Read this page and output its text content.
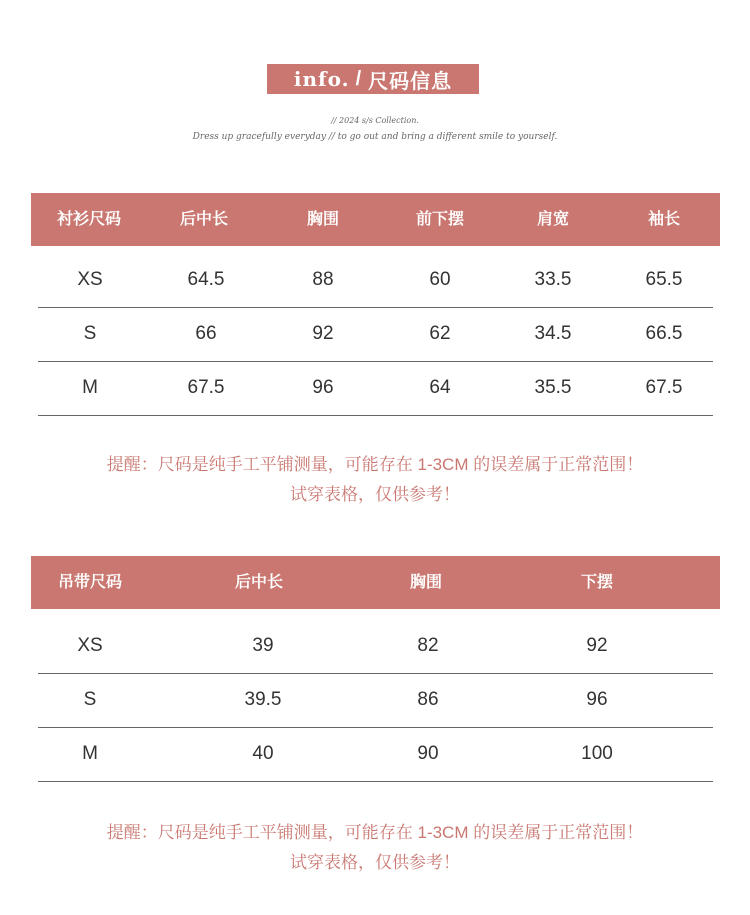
info. / 尺码信息
// 2024 s/s Collection.
Dress up gracefully everyday // to go out and bring a different smile to yourself.
衬衫尺码	后中长	胸围	前下摆	肩宽	袖长
XS	64.5	88	60	33.5	65.5
S	66	92	62	34.5	66.5
M	67.5	96	64	35.5	67.5
提醒：尺码是纯手工平铺测量，可能存在 1-3CM 的误差属于正常范围！
试穿表格，仅供参考！
吊带尺码	后中长	胸围	下摆
XS	39	82	92
S	39.5	86	96
M	40	90	100
提醒：尺码是纯手工平铺测量，可能存在 1-3CM 的误差属于正常范围！
试穿表格，仅供参考！
